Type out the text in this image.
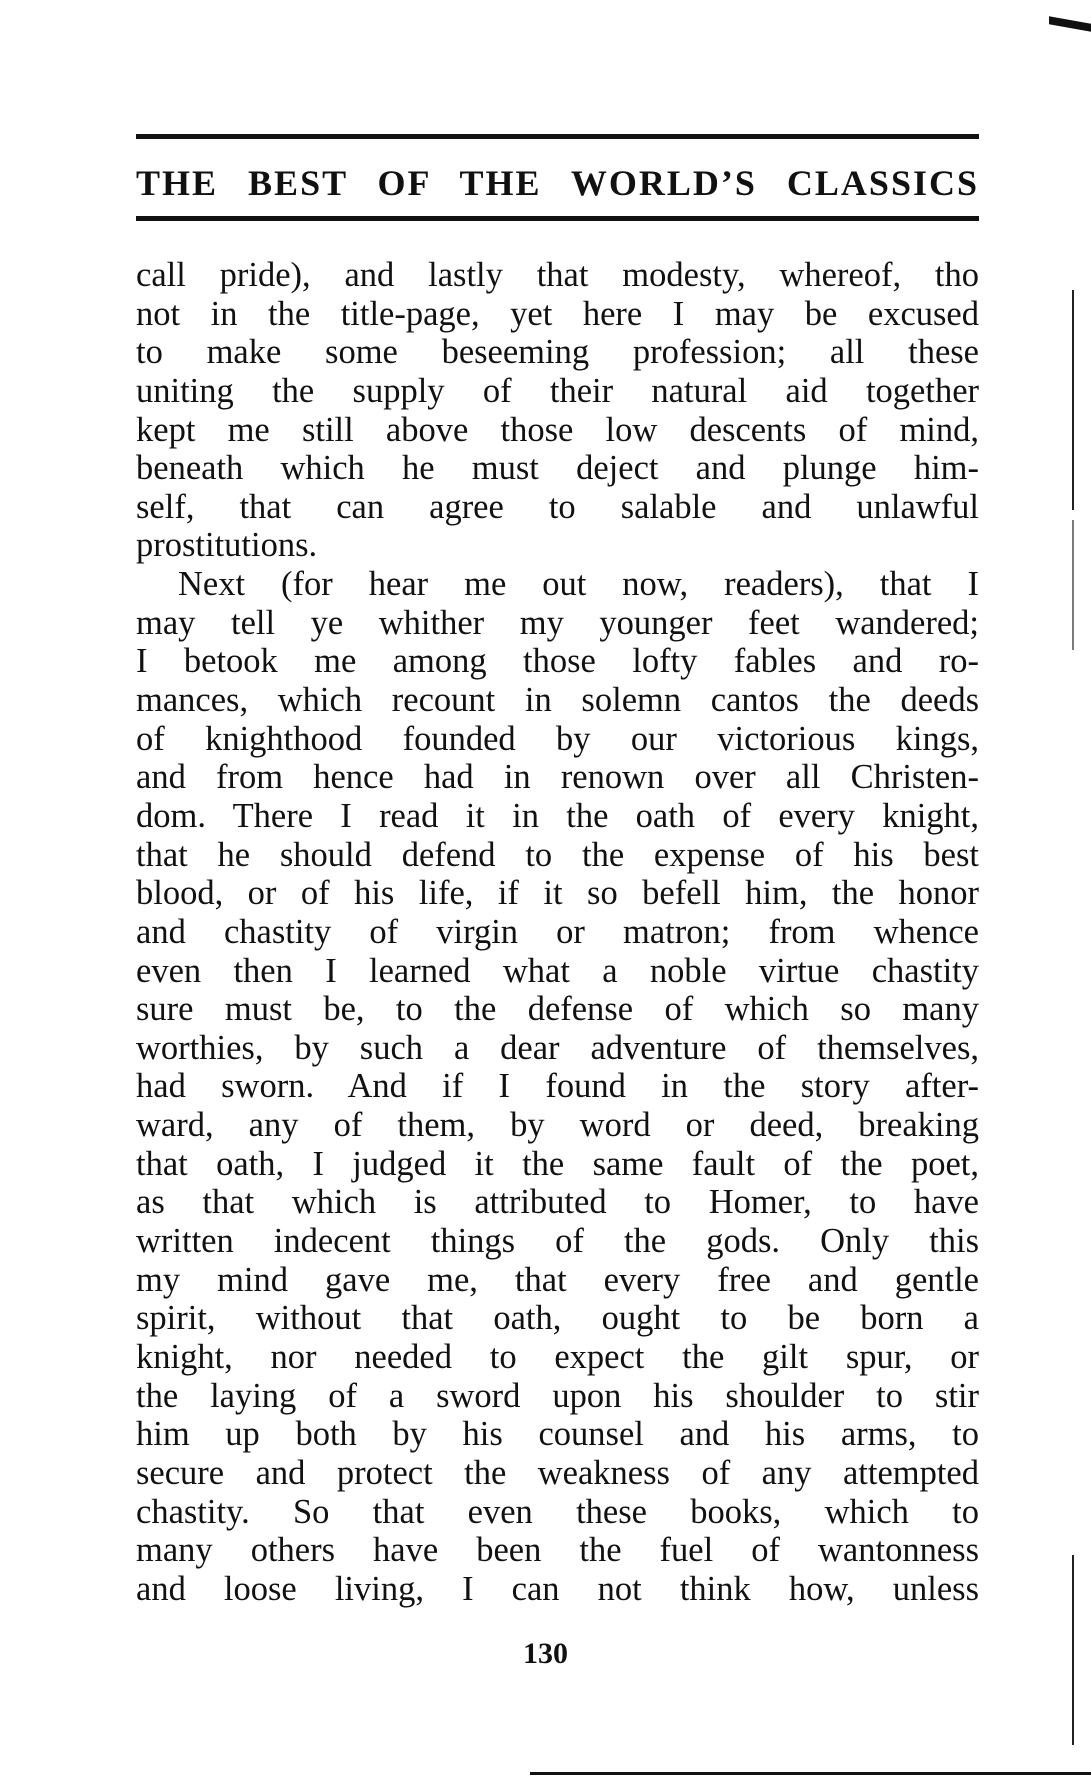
THE BEST OF THE WORLD’S CLASSICS
call pride), and lastly that modesty, whereof, tho
not in the title-page, yet here I may be excused
to make some beseeming profession; all these
uniting the supply of their natural aid together
kept me still above those low descents of mind,
beneath which he must deject and plunge him-
self, that can agree to salable and unlawful
prostitutions.
Next (for hear me out now, readers), that I
may tell ye whither my younger feet wandered;
I betook me among those lofty fables and ro-
mances, which recount in solemn cantos the deeds
of knighthood founded by our victorious kings,
and from hence had in renown over all Christen-
dom. There I read it in the oath of every knight,
that he should defend to the expense of his best
blood, or of his life, if it so befell him, the honor
and chastity of virgin or matron; from whence
even then I learned what a noble virtue chastity
sure must be, to the defense of which so many
worthies, by such a dear adventure of themselves,
had sworn. And if I found in the story after-
ward, any of them, by word or deed, breaking
that oath, I judged it the same fault of the poet,
as that which is attributed to Homer, to have
written indecent things of the gods. Only this
my mind gave me, that every free and gentle
spirit, without that oath, ought to be born a
knight, nor needed to expect the gilt spur, or
the laying of a sword upon his shoulder to stir
him up both by his counsel and his arms, to
secure and protect the weakness of any attempted
chastity. So that even these books, which to
many others have been the fuel of wantonness
and loose living, I can not think how, unless
130
